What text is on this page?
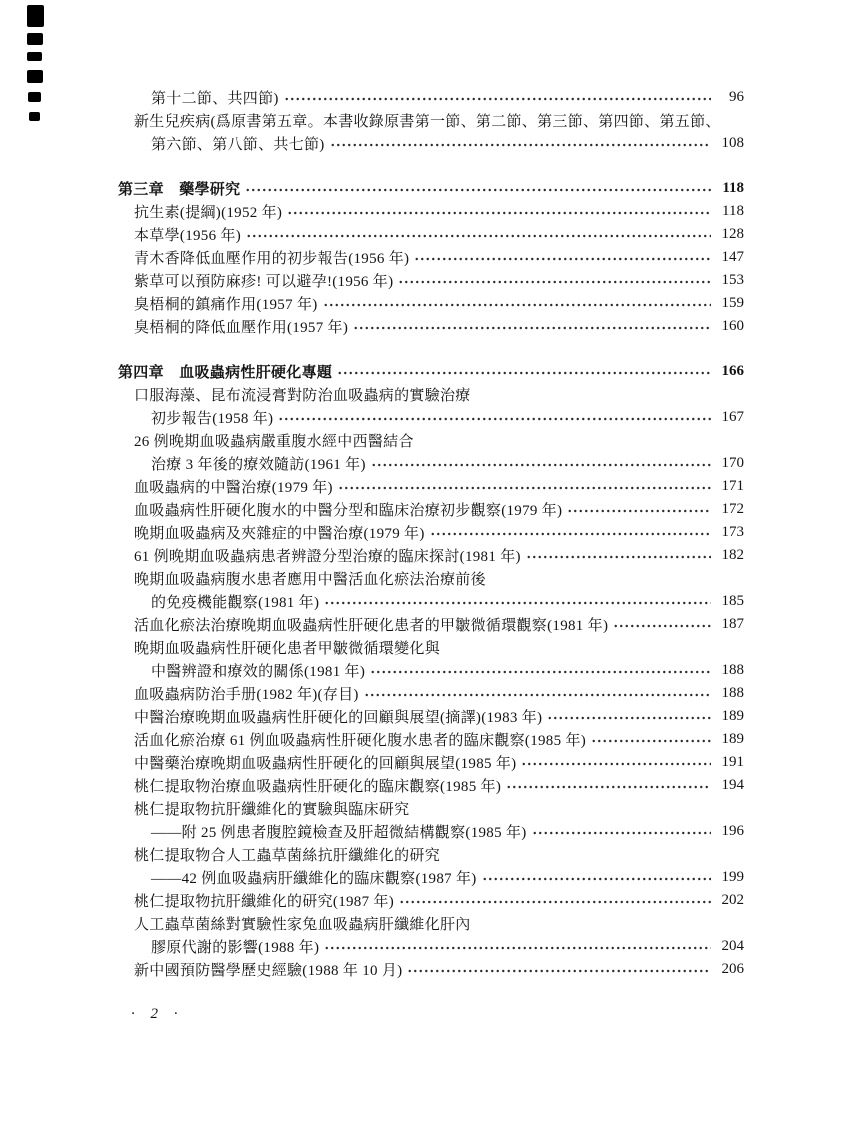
第十二節、共四節)	96
新生兒疾病(爲原書第五章。本書收錄原書第一節、第二節、第三節、第四節、第五節、
第六節、第八節、共七節)	108
第三章　藥學研究	118
抗生素(提綱)(1952 年)	118
本草學(1956 年)	128
青木香降低血壓作用的初步報告(1956 年)	147
紫草可以預防麻疹! 可以避孕!(1956 年)	153
臭梧桐的鎮痛作用(1957 年)	159
臭梧桐的降低血壓作用(1957 年)	160
第四章　血吸蟲病性肝硬化專題	166
口服海藻、昆布流浸膏對防治血吸蟲病的實驗治療
初步報告(1958 年)	167
26 例晚期血吸蟲病嚴重腹水經中西醫結合
治療 3 年後的療效隨訪(1961 年)	170
血吸蟲病的中醫治療(1979 年)	171
血吸蟲病性肝硬化腹水的中醫分型和臨床治療初步觀察(1979 年)	172
晚期血吸蟲病及夾雜症的中醫治療(1979 年)	173
61 例晚期血吸蟲病患者辨證分型治療的臨床探討(1981 年)	182
晚期血吸蟲病腹水患者應用中醫活血化瘀法治療前後
的免疫機能觀察(1981 年)	185
活血化瘀法治療晚期血吸蟲病性肝硬化患者的甲皺微循環觀察(1981 年)	187
晚期血吸蟲病性肝硬化患者甲皺微循環變化與
中醫辨證和療效的關係(1981 年)	188
血吸蟲病防治手册(1982 年)(存目)	188
中醫治療晚期血吸蟲病性肝硬化的回顧與展望(摘譯)(1983 年)	189
活血化瘀治療 61 例血吸蟲病性肝硬化腹水患者的臨床觀察(1985 年)	189
中醫藥治療晚期血吸蟲病性肝硬化的回顧與展望(1985 年)	191
桃仁提取物治療血吸蟲病性肝硬化的臨床觀察(1985 年)	194
桃仁提取物抗肝纖維化的實驗與臨床研究
——附 25 例患者腹腔鏡檢查及肝超微結構觀察(1985 年)	196
桃仁提取物合人工蟲草菌絲抗肝纖維化的研究
——42 例血吸蟲病肝纖維化的臨床觀察(1987 年)	199
桃仁提取物抗肝纖維化的研究(1987 年)	202
人工蟲草菌絲對實驗性家兔血吸蟲病肝纖維化肝內
膠原代謝的影響(1988 年)	204
新中國預防醫學歷史經驗(1988 年 10 月)	206
· 2 ·
